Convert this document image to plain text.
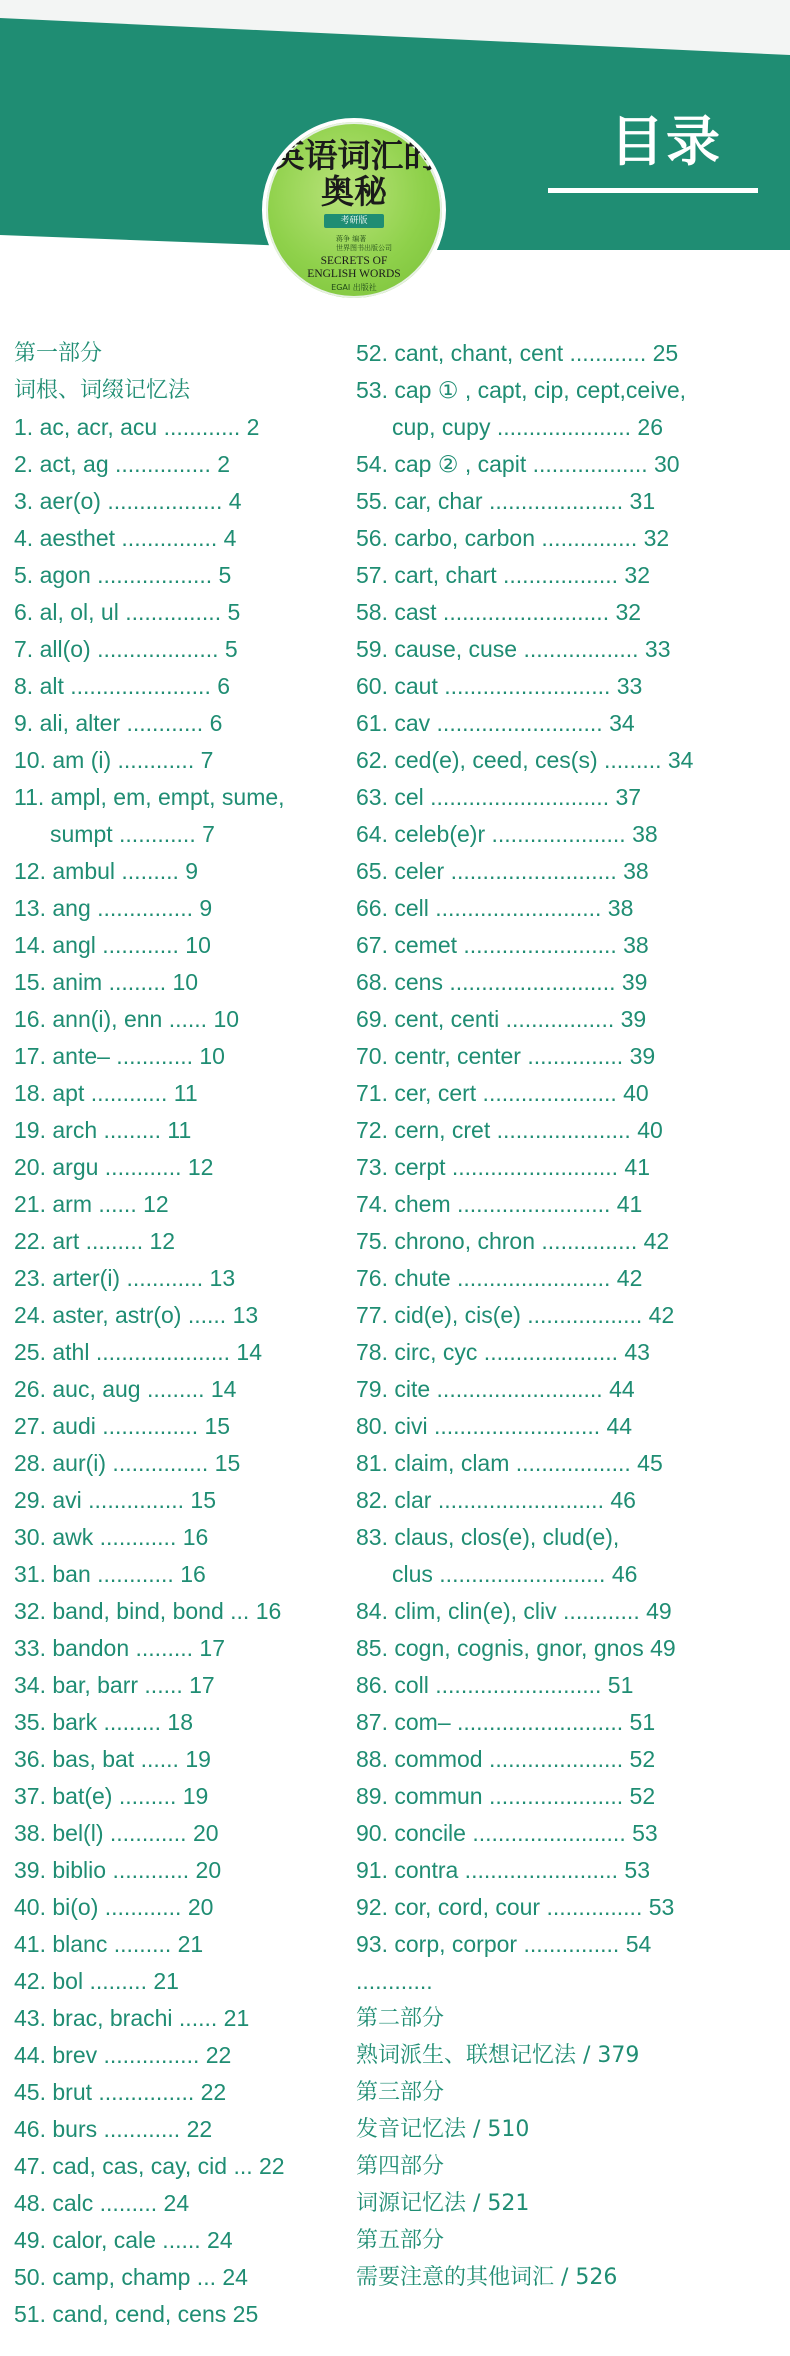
目录
英语词汇的
奥秘
考研版
蒋争 编著
世界图书出版公司
SECRETS OF
ENGLISH WORDS
EGAI 出版社
第一部分
词根、词缀记忆法
1. ac, acr, acu ............ 2
2. act, ag ............... 2
3. aer(o) .................. 4
4. aesthet ............... 4
5. agon .................. 5
6. al, ol, ul ............... 5
7. all(o) ................... 5
8. alt ...................... 6
9. ali, alter ............ 6
10. am (i) ............ 7
11. ampl, em, empt, sume,
sumpt ............ 7
12. ambul ......... 9
13. ang ............... 9
14. angl ............ 10
15. anim ......... 10
16. ann(i), enn ...... 10
17. ante– ............ 10
18. apt ............ 11
19. arch ......... 11
20. argu ............ 12
21. arm ...... 12
22. art ......... 12
23. arter(i) ............ 13
24. aster, astr(o) ...... 13
25. athl ..................... 14
26. auc, aug ......... 14
27. audi ............... 15
28. aur(i) ............... 15
29. avi ............... 15
30. awk ............ 16
31. ban ............ 16
32. band, bind, bond ... 16
33. bandon ......... 17
34. bar, barr ...... 17
35. bark ......... 18
36. bas, bat ...... 19
37. bat(e) ......... 19
38. bel(l) ............ 20
39. biblio ............ 20
40. bi(o) ............ 20
41. blanc ......... 21
42. bol ......... 21
43. brac, brachi ...... 21
44. brev ............... 22
45. brut ............... 22
46. burs ............ 22
47. cad, cas, cay, cid ... 22
48. calc ......... 24
49. calor, cale ...... 24
50. camp, champ ... 24
51. cand, cend, cens 25
52. cant, chant, cent ............ 25
53. cap ① , capt, cip, cept,ceive,
cup, cupy ..................... 26
54. cap ② , capit .................. 30
55. car, char ..................... 31
56. carbo, carbon ............... 32
57. cart, chart .................. 32
58. cast .......................... 32
59. cause, cuse .................. 33
60. caut .......................... 33
61. cav .......................... 34
62. ced(e), ceed, ces(s) ......... 34
63. cel ............................ 37
64. celeb(e)r ..................... 38
65. celer .......................... 38
66. cell .......................... 38
67. cemet ........................ 38
68. cens .......................... 39
69. cent, centi ................. 39
70. centr, center ............... 39
71. cer, cert ..................... 40
72. cern, cret ..................... 40
73. cerpt .......................... 41
74. chem ........................ 41
75. chrono, chron ............... 42
76. chute ........................ 42
77. cid(e), cis(e) .................. 42
78. circ, cyc ..................... 43
79. cite .......................... 44
80. civi .......................... 44
81. claim, clam .................. 45
82. clar .......................... 46
83. claus, clos(e), clud(e),
clus .......................... 46
84. clim, clin(e), cliv ............ 49
85. cogn, cognis, gnor, gnos 49
86. coll .......................... 51
87. com– .......................... 51
88. commod ..................... 52
89. commun ..................... 52
90. concile ........................ 53
91. contra ........................ 53
92. cor, cord, cour ............... 53
93. corp, corpor ............... 54
............
第二部分
熟词派生、联想记忆法 / 379
第三部分
发音记忆法 / 510
第四部分
词源记忆法 / 521
第五部分
需要注意的其他词汇 / 526
